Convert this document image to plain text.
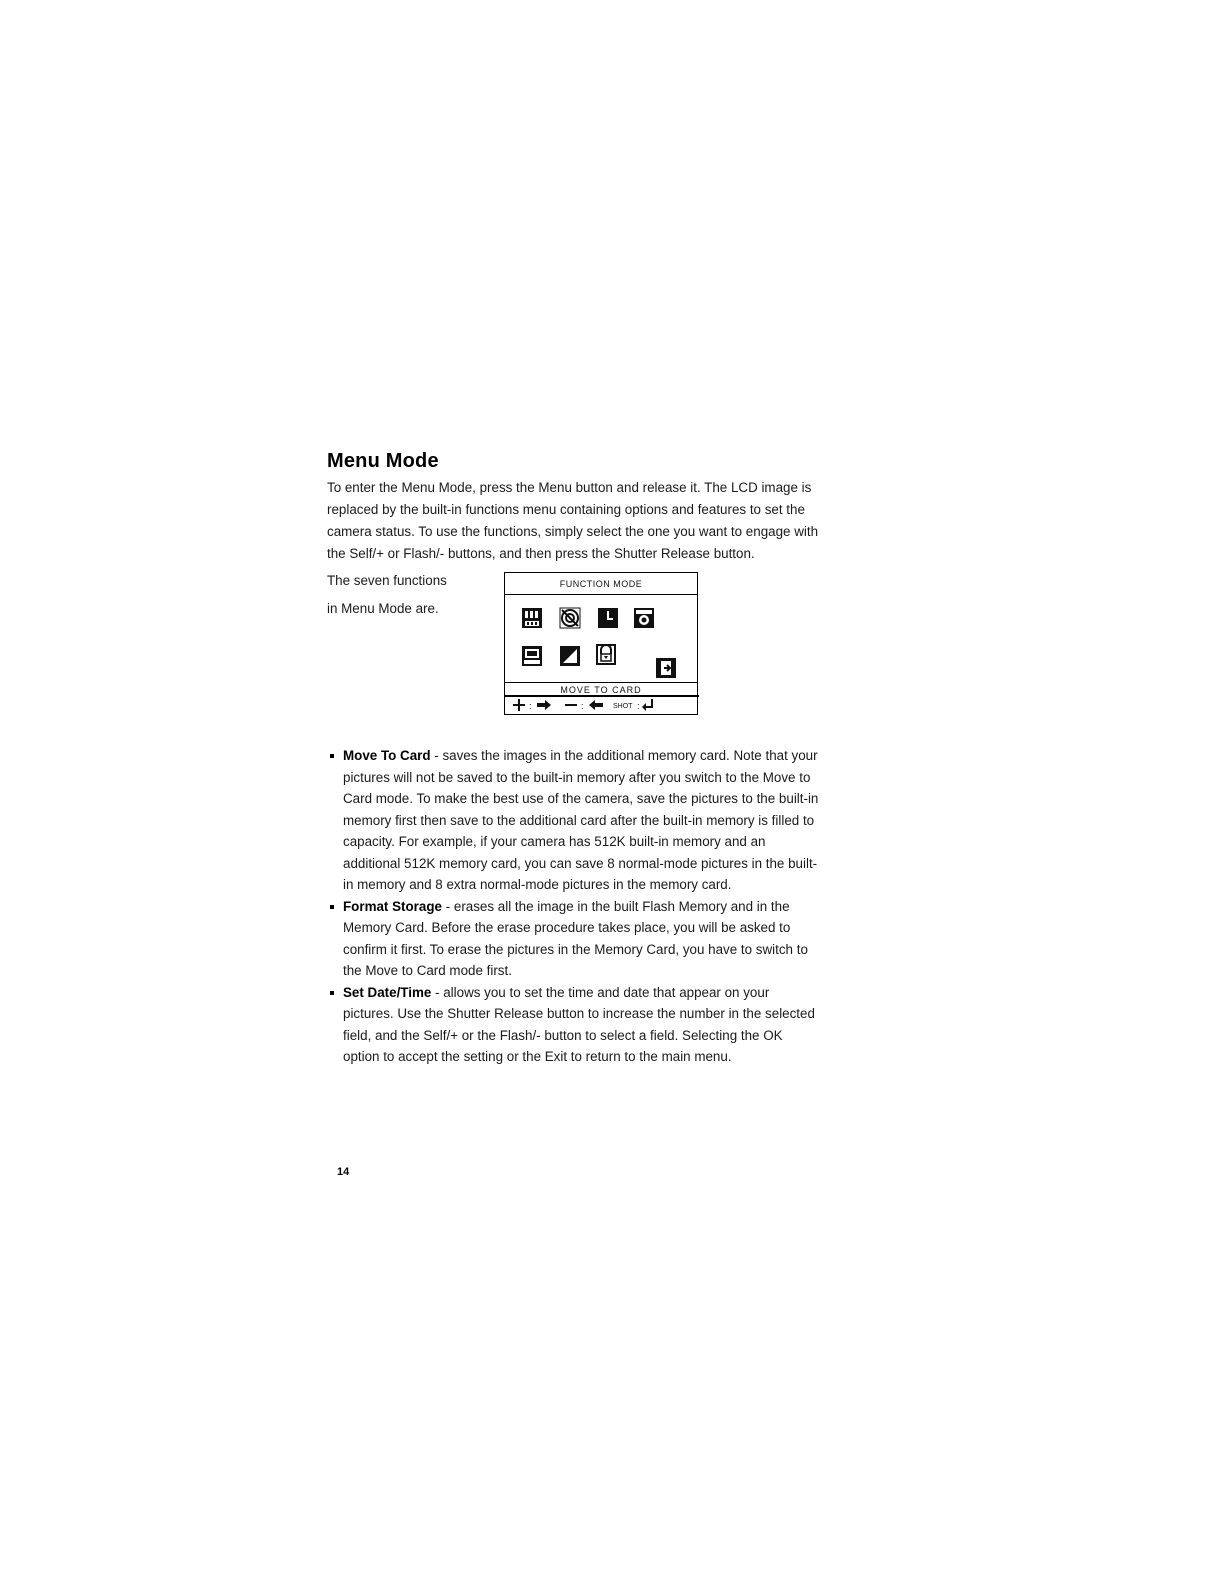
Menu Mode

To enter the Menu Mode, press the Menu button and release it. The LCD image is replaced by the built-in functions menu containing options and features to set the camera status. To use the functions, simply select the one you want to engage with the Self/+ or Flash/- buttons, and then press the Shutter Release button.

The seven functions
in Menu Mode are.
FUNCTION MODE
MOVE TO CARD
:	:	SHOT :
Move To Card - saves the images in the additional memory card. Note that your pictures will not be saved to the built-in memory after you switch to the Move to Card mode. To make the best use of the camera, save the pictures to the built-in memory first then save to the additional card after the built-in memory is filled to capacity. For example, if your camera has 512K built-in memory and an additional 512K memory card, you can save 8 normal-mode pictures in the built-in memory and 8 extra normal-mode pictures in the memory card.
Format Storage - erases all the image in the built Flash Memory and in the Memory Card. Before the erase procedure takes place, you will be asked to confirm it first. To erase the pictures in the Memory Card, you have to switch to the Move to Card mode first.
Set Date/Time - allows you to set the time and date that appear on your pictures. Use the Shutter Release button to increase the number in the selected field, and the Self/+ or the Flash/- button to select a field. Selecting the OK option to accept the setting or the Exit to return to the main menu.
14
